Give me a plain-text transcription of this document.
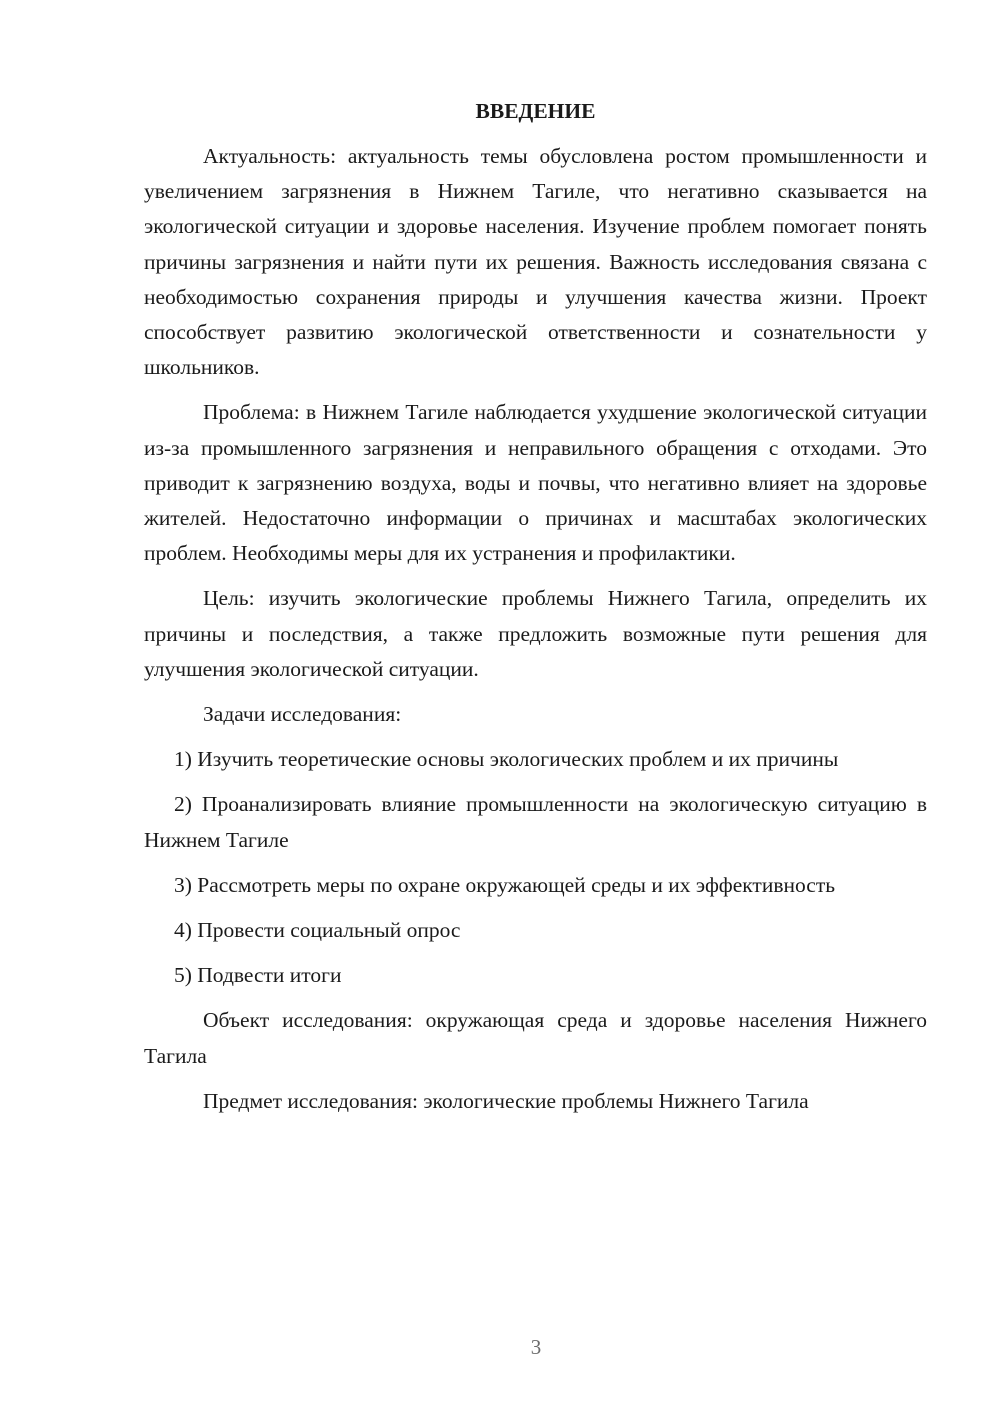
ВВЕДЕНИЕ

Актуальность: актуальность темы обусловлена ростом промышленности и увеличением загрязнения в Нижнем Тагиле, что негативно сказывается на экологической ситуации и здоровье населения. Изучение проблем помогает понять причины загрязнения и найти пути их решения. Важность исследования связана с необходимостью сохранения природы и улучшения качества жизни. Проект способствует развитию экологической ответственности и сознательности у школьников.

Проблема: в Нижнем Тагиле наблюдается ухудшение экологической ситуации из-за промышленного загрязнения и неправильного обращения с отходами. Это приводит к загрязнению воздуха, воды и почвы, что негативно влияет на здоровье жителей. Недостаточно информации о причинах и масштабах экологических проблем. Необходимы меры для их устранения и профилактики.

Цель: изучить экологические проблемы Нижнего Тагила, определить их причины и последствия, а также предложить возможные пути решения для улучшения экологической ситуации.

Задачи исследования:

1) Изучить теоретические основы экологических проблем и их причины

2) Проанализировать влияние промышленности на экологическую ситуацию в Нижнем Тагиле

3) Рассмотреть меры по охране окружающей среды и их эффективность

4) Провести социальный опрос

5) Подвести итоги

Объект исследования: окружающая среда и здоровье населения Нижнего Тагила

Предмет исследования: экологические проблемы Нижнего Тагила

3
